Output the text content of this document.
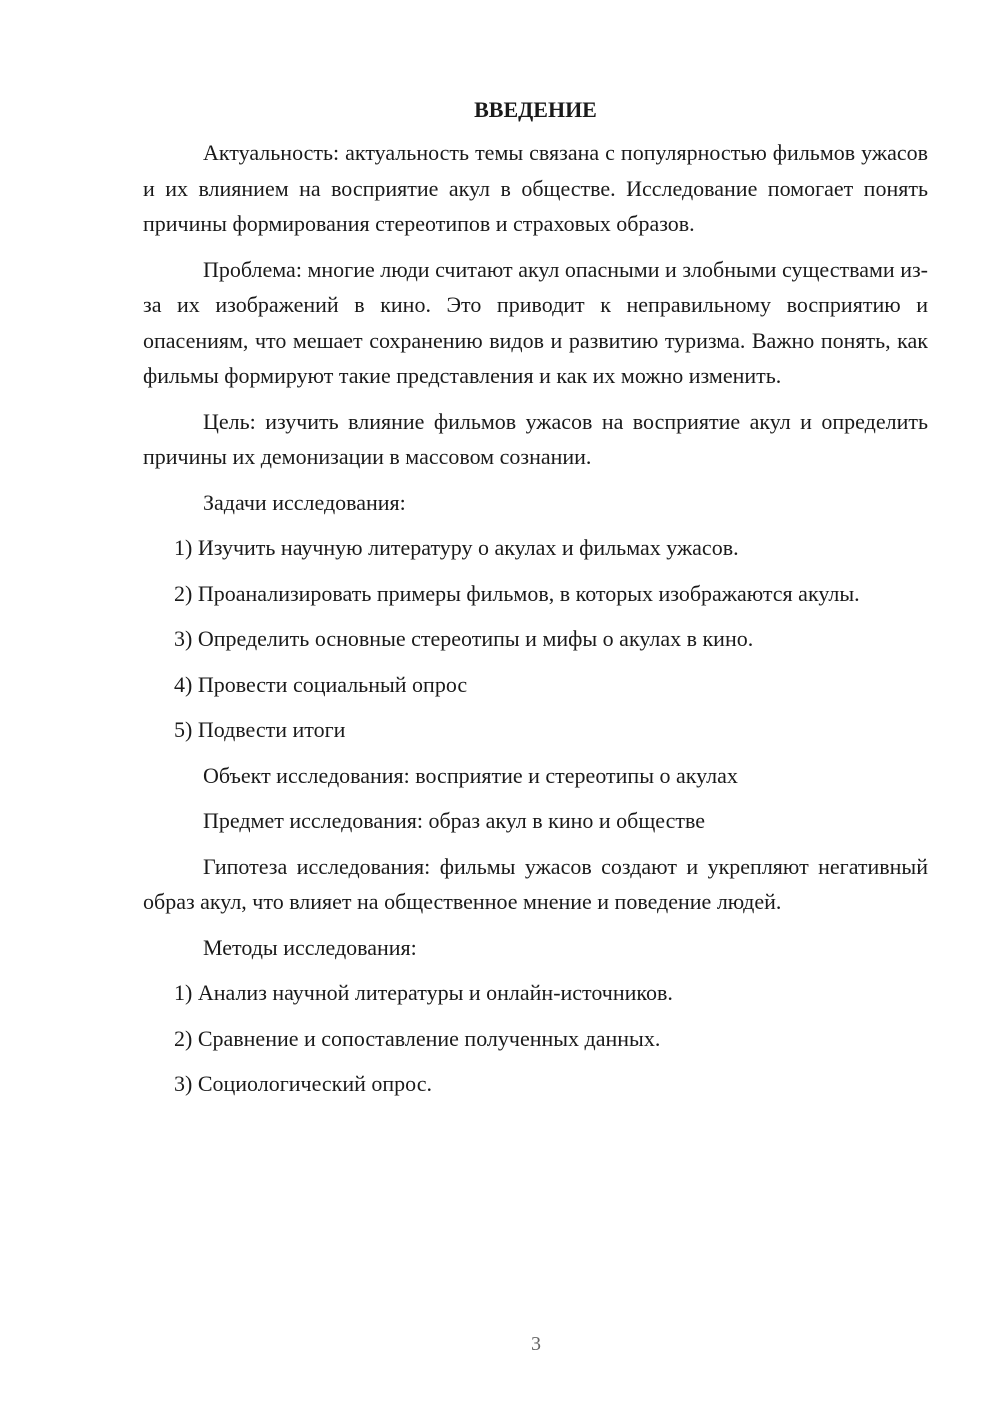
ВВЕДЕНИЕ

Актуальность: актуальность темы связана с популярностью фильмов ужасов и их влиянием на восприятие акул в обществе. Исследование помогает понять причины формирования стереотипов и страховых образов.

Проблема: многие люди считают акул опасными и злобными существами из-за их изображений в кино. Это приводит к неправильному восприятию и опасениям, что мешает сохранению видов и развитию туризма. Важно понять, как фильмы формируют такие представления и как их можно изменить.

Цель: изучить влияние фильмов ужасов на восприятие акул и определить причины их демонизации в массовом сознании.

Задачи исследования:

1) Изучить научную литературу о акулах и фильмах ужасов.

2) Проанализировать примеры фильмов, в которых изображаются акулы.

3) Определить основные стереотипы и мифы о акулах в кино.

4) Провести социальный опрос

5) Подвести итоги

Объект исследования: восприятие и стереотипы о акулах

Предмет исследования: образ акул в кино и обществе

Гипотеза исследования: фильмы ужасов создают и укрепляют негативный образ акул, что влияет на общественное мнение и поведение людей.

Методы исследования:

1) Анализ научной литературы и онлайн-источников.

2) Сравнение и сопоставление полученных данных.

3) Социологический опрос.

3
